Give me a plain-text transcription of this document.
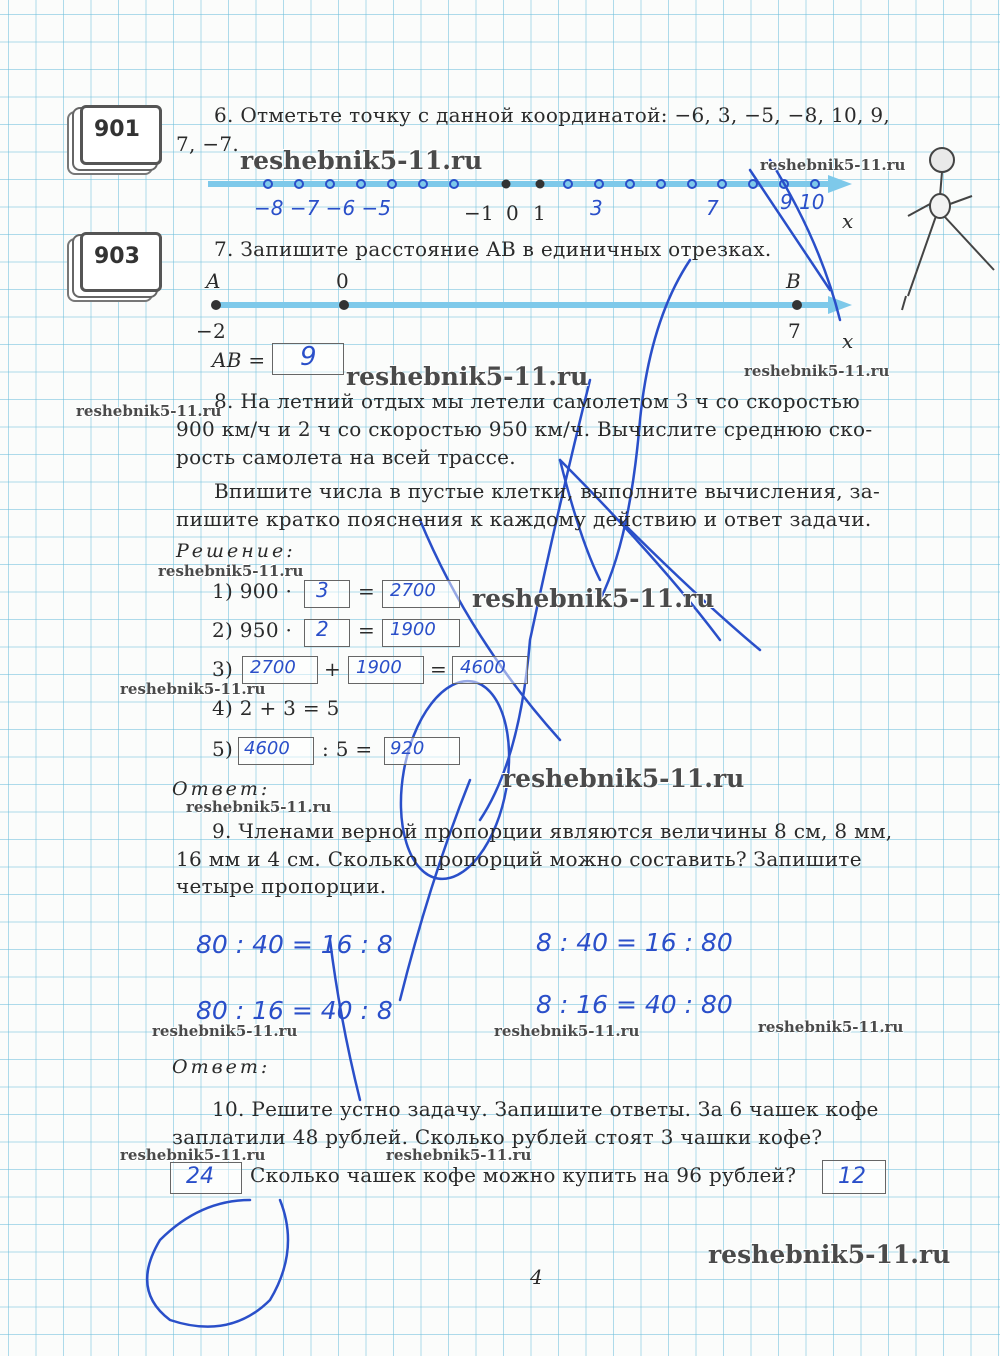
901
903
6. Отметьте точку с данной координатой: −6, 3, −5, −8, 10, 9,
7, −7.
−1 0 1	x
−8 −7 −6 −5	3	7	9 10
7. Запишите расстояние AB в единичных отрезках.
A	0	B
−2	7 x
AB = 9
8. На летний отдых мы летели самолетом 3 ч со скоростью
900 км/ч и 2 ч со скоростью 950 км/ч. Вычислите среднюю ско-
рость самолета на всей трассе.
Впишите числа в пустые клетки, выполните вычисления, за-
пишите кратко пояснения к каждому действию и ответ задачи.
Решение:
1) 900 · 3 = 2700
2) 950 · 2 = 1900
3) 2700 + 1900 = 4600
4) 2 + 3 = 5
5) 4600 : 5 = 920
Ответ:
9. Членами верной пропорции являются величины 8 см, 8 мм,
16 мм и 4 см. Сколько пропорций можно составить? Запишите
четыре пропорции.
80 : 40 = 16 : 8	8 : 40 = 16 : 80
80 : 16 = 40 : 8	8 : 16 = 40 : 80
Ответ:
10. Решите устно задачу. Запишите ответы. За 6 чашек кофе
заплатили 48 рублей. Сколько рублей стоят 3 чашки кофе?
24 Сколько чашек кофе можно купить на 96 рублей? 12
4
reshebnik5-11.ru	reshebnik5-11.ru
reshebnik5-11.ru	reshebnik5-11.ru
reshebnik5-11.ru
reshebnik5-11.ru
reshebnik5-11.ru
reshebnik5-11.ru
reshebnik5-11.ru
reshebnik5-11.ru
reshebnik5-11.ru	reshebnik5-11.ru	reshebnik5-11.ru
reshebnik5-11.ru	reshebnik5-11.ru
reshebnik5-11.ru
